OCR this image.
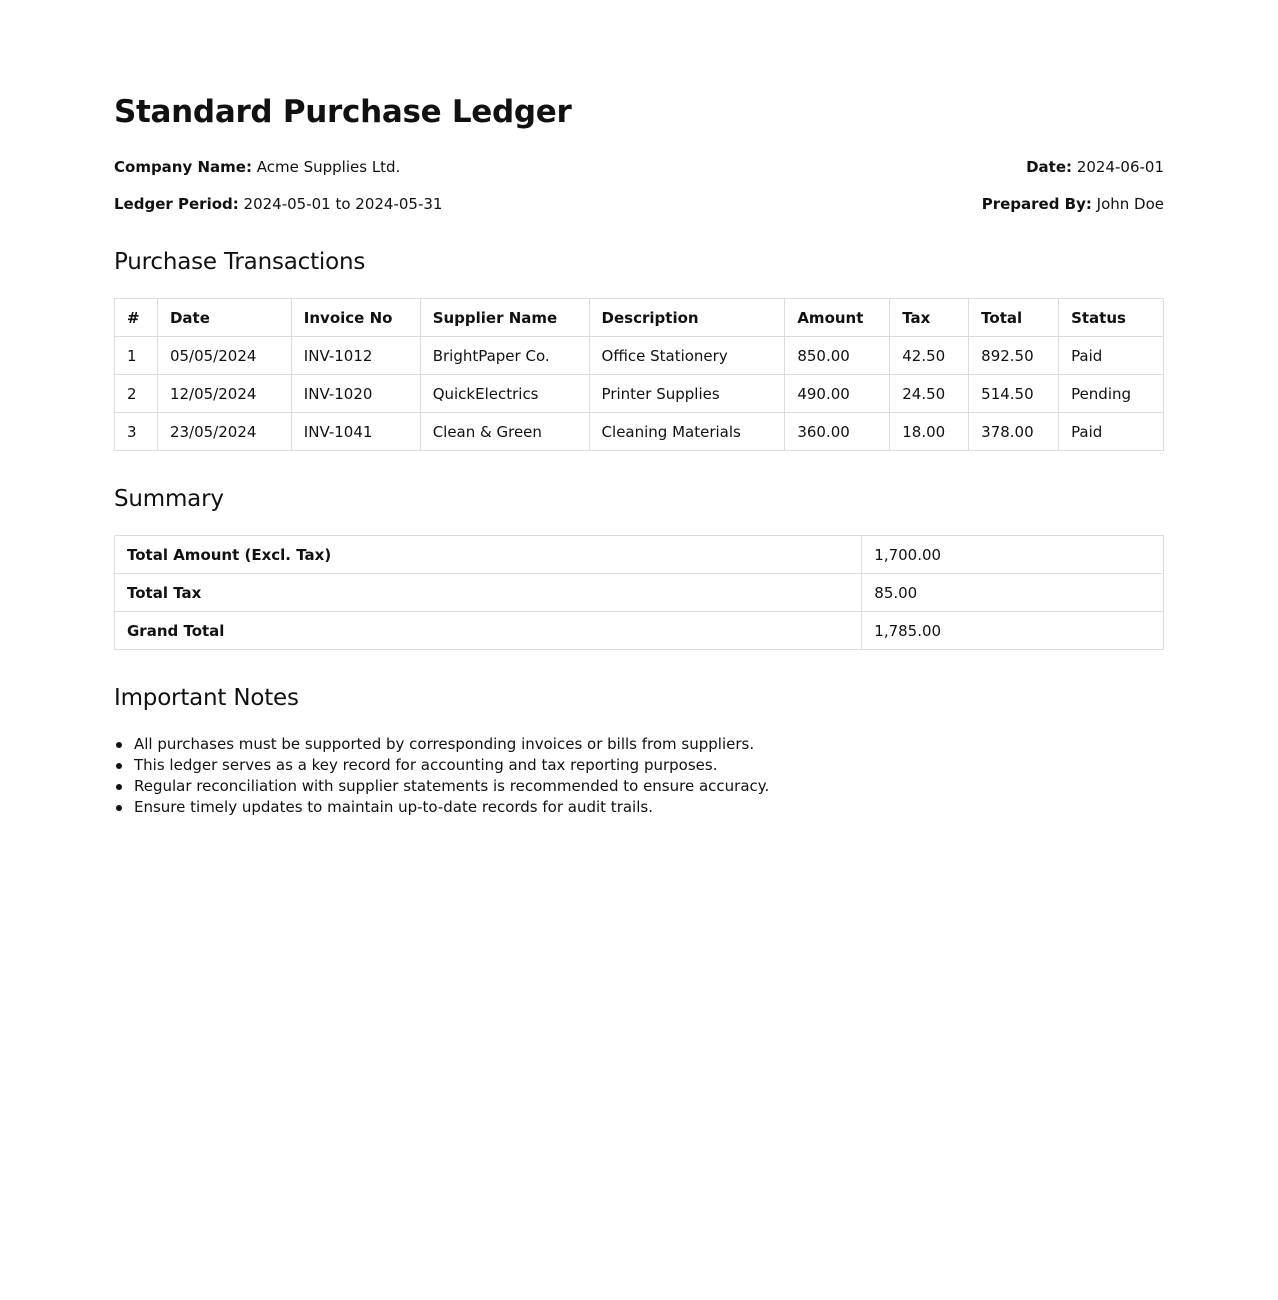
Standard Purchase Ledger
Company Name: Acme Supplies Ltd.	Date: 2024-06-01
Ledger Period: 2024-05-01 to 2024-05-31	Prepared By: John Doe
Purchase Transactions
#	Date	Invoice No	Supplier Name	Description	Amount	Tax	Total	Status
1	05/05/2024	INV-1012	BrightPaper Co.	Office Stationery	850.00	42.50	892.50	Paid
2	12/05/2024	INV-1020	QuickElectrics	Printer Supplies	490.00	24.50	514.50	Pending
3	23/05/2024	INV-1041	Clean & Green	Cleaning Materials	360.00	18.00	378.00	Paid
Summary
Total Amount (Excl. Tax)	1,700.00
Total Tax	85.00
Grand Total	1,785.00
Important Notes
All purchases must be supported by corresponding invoices or bills from suppliers.
This ledger serves as a key record for accounting and tax reporting purposes.
Regular reconciliation with supplier statements is recommended to ensure accuracy.
Ensure timely updates to maintain up-to-date records for audit trails.
